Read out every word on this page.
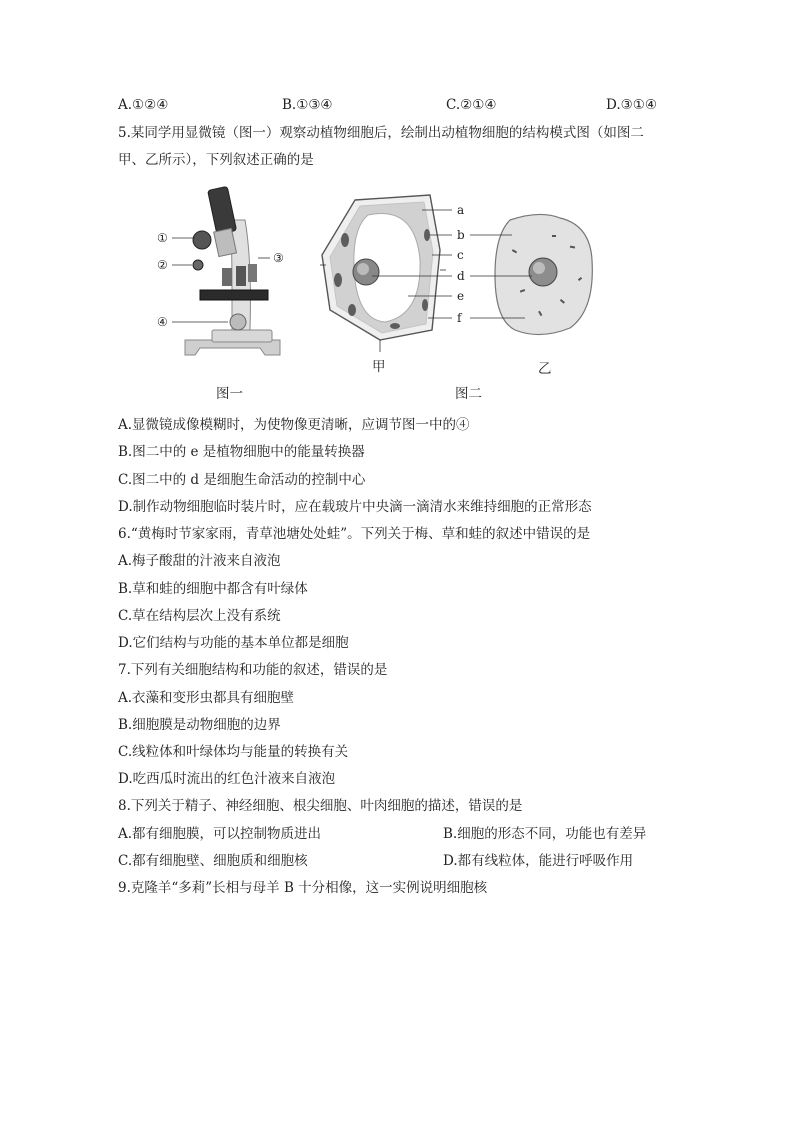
A.①②④	B.①③④	C.②①④	D.③①④
5.某同学用显微镜（图一）观察动植物细胞后，绘制出动植物细胞的结构模式图（如图二
甲、乙所示），下列叙述正确的是
①
②	③
④
a
b
c
d
e
f
甲	乙
图一	图二
A.显微镜成像模糊时，为使物像更清晰，应调节图一中的④
B.图二中的 e 是植物细胞中的能量转换器
C.图二中的 d 是细胞生命活动的控制中心
D.制作动物细胞临时装片时，应在载玻片中央滴一滴清水来维持细胞的正常形态
6.“黄梅时节家家雨，青草池塘处处蛙”。下列关于梅、草和蛙的叙述中错误的是
A.梅子酸甜的汁液来自液泡
B.草和蛙的细胞中都含有叶绿体
C.草在结构层次上没有系统
D.它们结构与功能的基本单位都是细胞
7.下列有关细胞结构和功能的叙述，错误的是
A.衣藻和变形虫都具有细胞壁
B.细胞膜是动物细胞的边界
C.线粒体和叶绿体均与能量的转换有关
D.吃西瓜时流出的红色汁液来自液泡
8.下列关于精子、神经细胞、根尖细胞、叶肉细胞的描述，错误的是
A.都有细胞膜，可以控制物质进出	B.细胞的形态不同，功能也有差异
C.都有细胞壁、细胞质和细胞核	D.都有线粒体，能进行呼吸作用
9.克隆羊“多莉”长相与母羊 B 十分相像，这一实例说明细胞核
